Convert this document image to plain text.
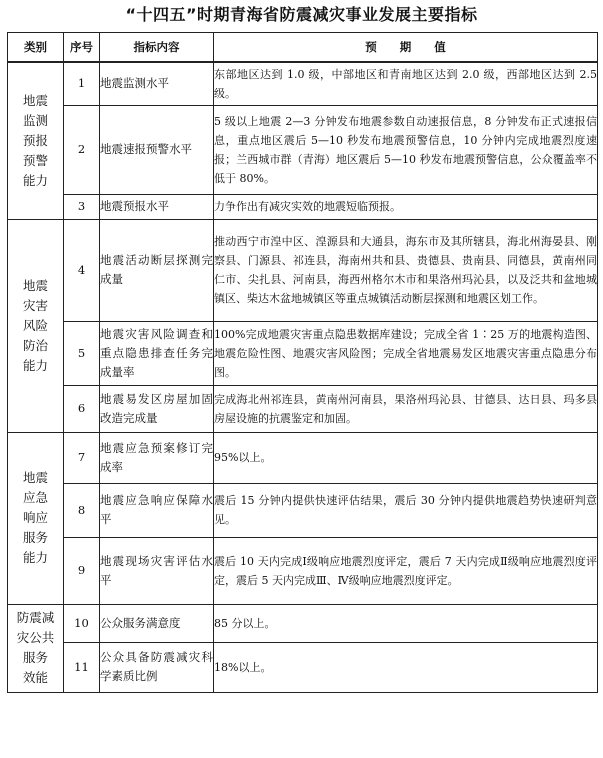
“十四五”时期青海省防震减灾事业发展主要指标
类别	序号	指标内容	预　　期　　值
地震
监测
预报
预警
能力	1	地震监测水平	东部地区达到 1.0 级，中部地区和青南地区达到 2.0 级，西部地区达到 2.5 级。
	2	地震速报预警水平	5 级以上地震 2—3 分钟发布地震参数自动速报信息，8 分钟发布正式速报信息，重点地区震后 5—10 秒发布地震预警信息，10 分钟内完成地震烈度速报；兰西城市群（青海）地区震后 5—10 秒发布地震预警信息，公众覆盖率不低于 80%。
	3	地震预报水平	力争作出有减灾实效的地震短临预报。
地震
灾害
风险
防治
能力	4	地震活动断层探测完成量	推动西宁市湟中区、湟源县和大通县，海东市及其所辖县，海北州海晏县、刚察县、门源县、祁连县，海南州共和县、贵德县、贵南县、同德县，黄南州同仁市、尖扎县、河南县，海西州格尔木市和果洛州玛沁县，以及泛共和盆地城镇区、柴达木盆地城镇区等重点城镇活动断层探测和地震区划工作。
	5	地震灾害风险调查和重点隐患排查任务完成量率	100%完成地震灾害重点隐患数据库建设；完成全省 1∶25 万的地震构造图、地震危险性图、地震灾害风险图；完成全省地震易发区地震灾害重点隐患分布图。
	6	地震易发区房屋加固改造完成量	完成海北州祁连县，黄南州河南县，果洛州玛沁县、甘德县、达日县、玛多县房屋设施的抗震鉴定和加固。
地震
应急
响应
服务
能力	7	地震应急预案修订完成率	95%以上。
	8	地震应急响应保障水平	震后 15 分钟内提供快速评估结果，震后 30 分钟内提供地震趋势快速研判意见。
	9	地震现场灾害评估水平	震后 10 天内完成Ⅰ级响应地震烈度评定，震后 7 天内完成Ⅱ级响应地震烈度评定，震后 5 天内完成Ⅲ、Ⅳ级响应地震烈度评定。
防震减
灾公共
服务
效能	10	公众服务满意度	85 分以上。
	11	公众具备防震减灾科学素质比例	18%以上。
